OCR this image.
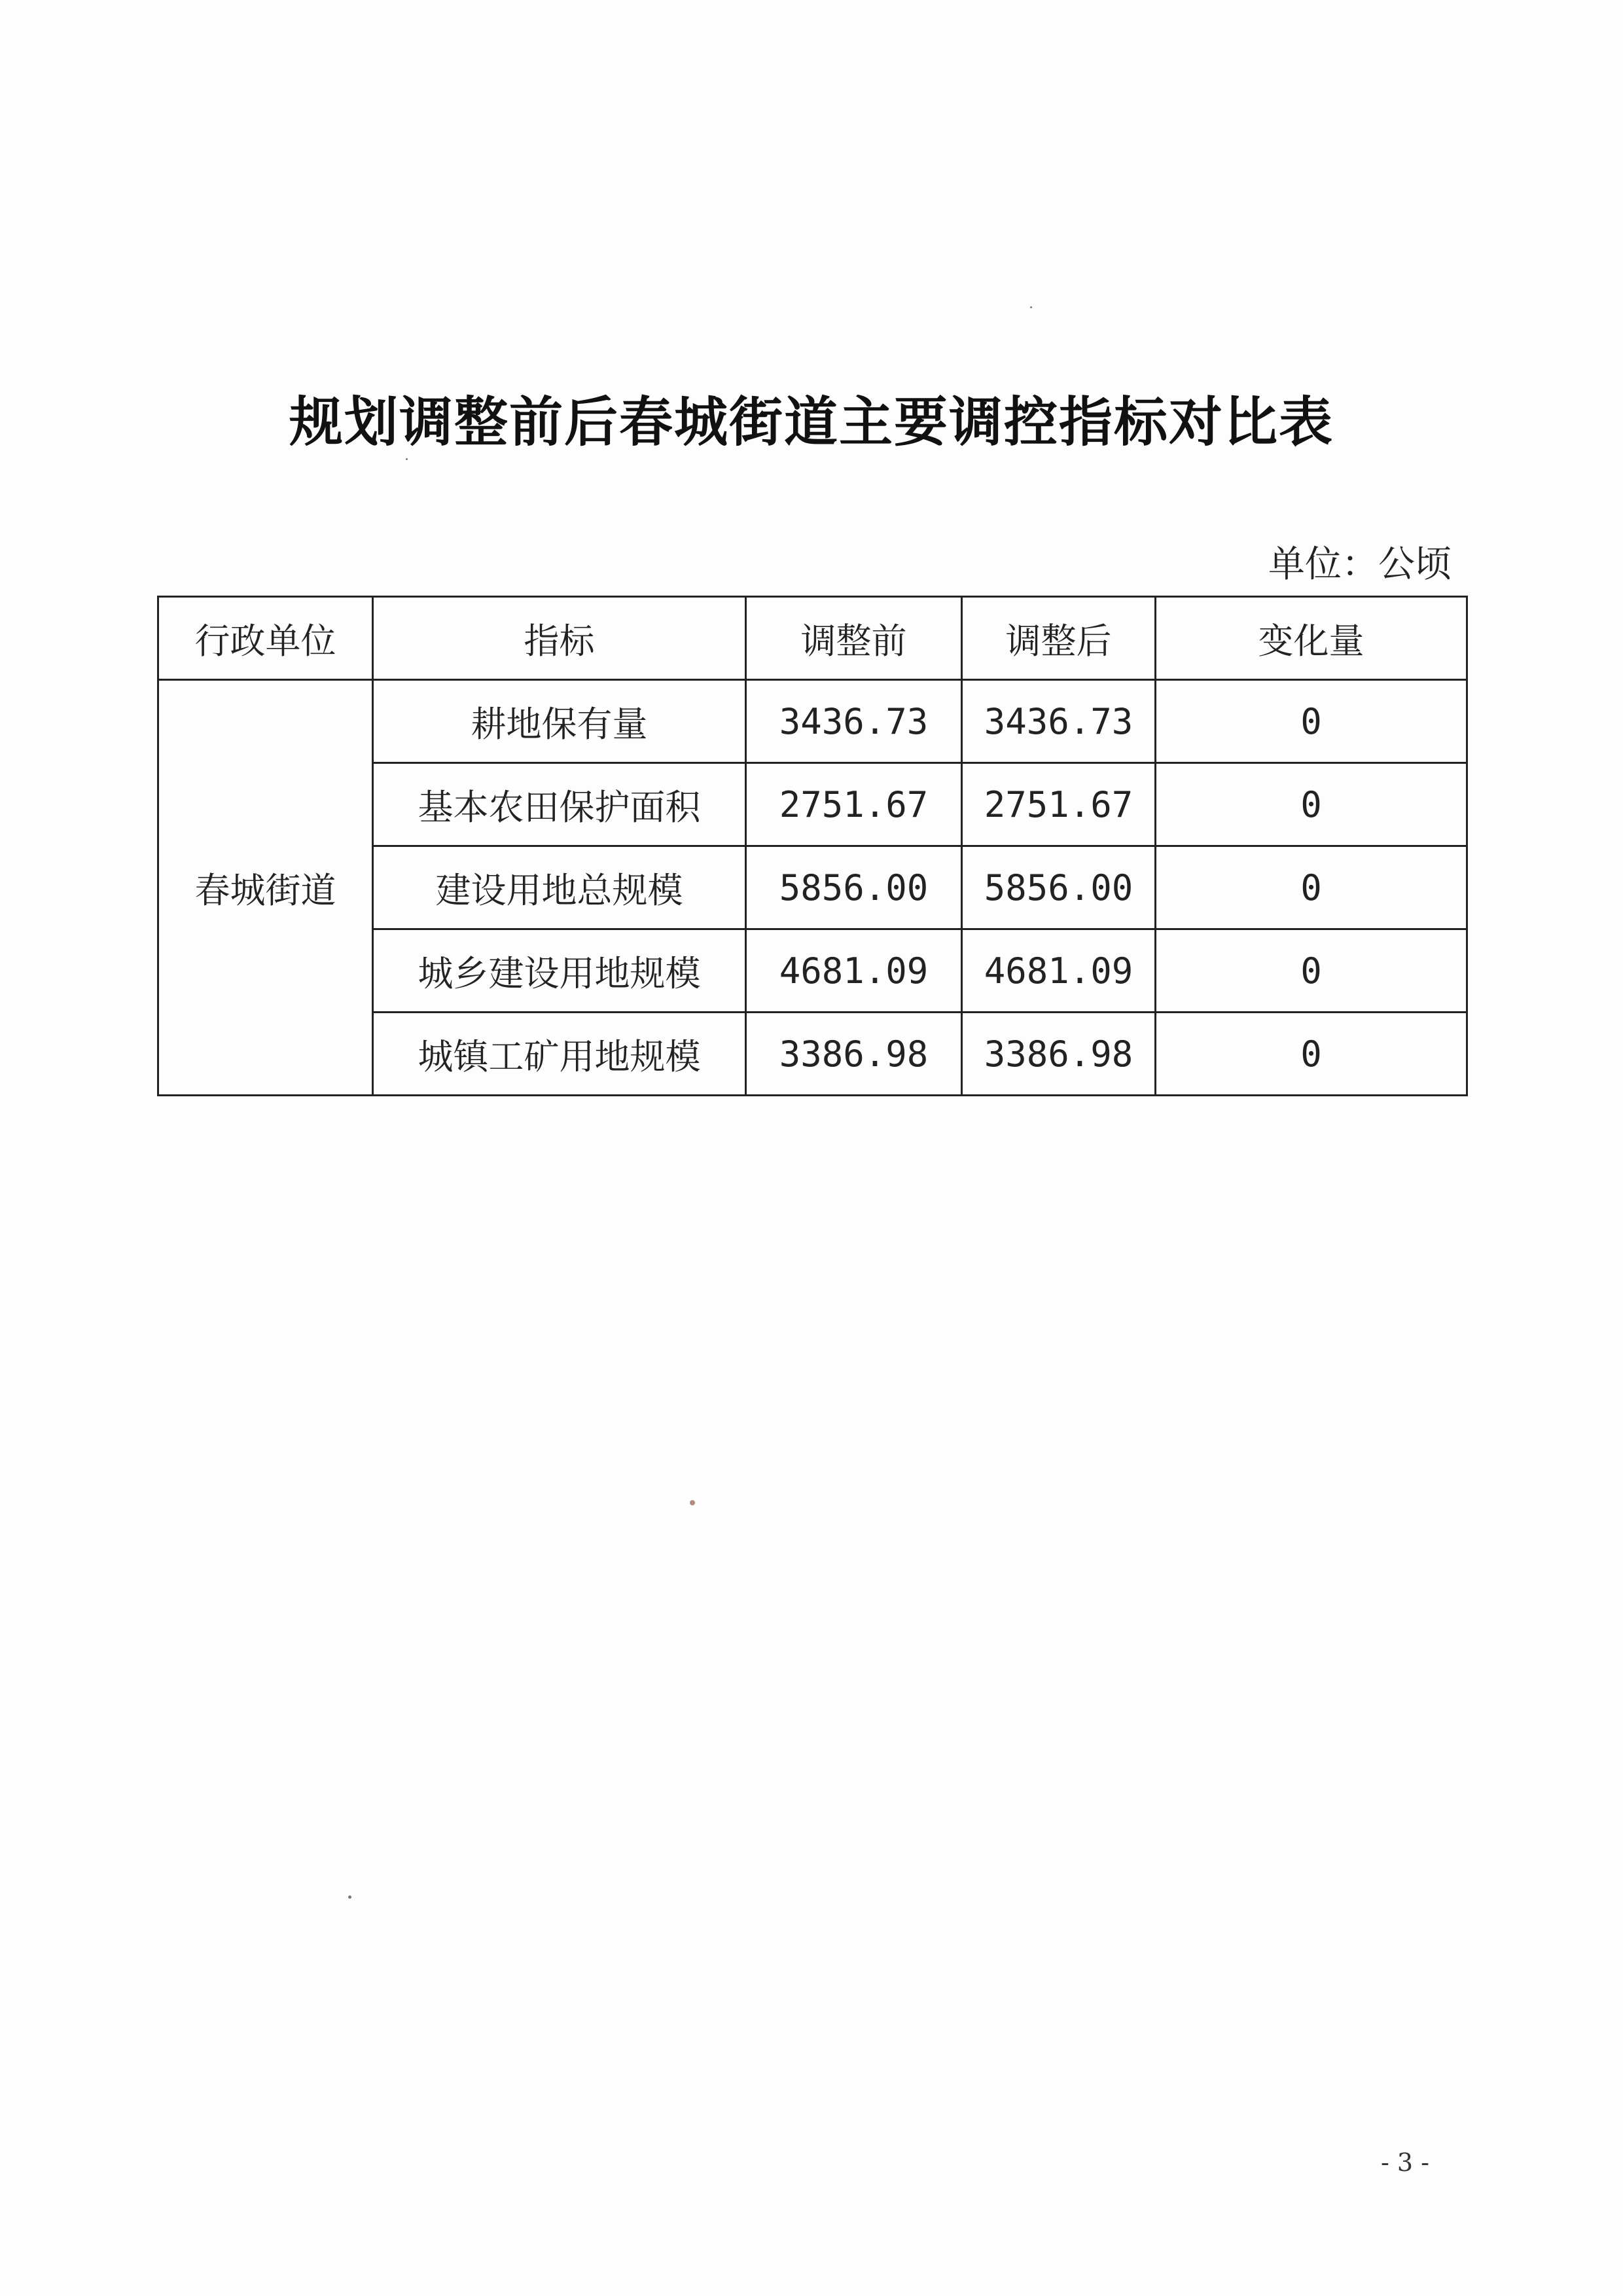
规划调整前后春城街道主要调控指标对比表
单位：公顷
行政单位	指标	调整前	调整后	变化量
春城街道	耕地保有量	3436.73	3436.73	0
	基本农田保护面积	2751.67	2751.67	0
	建设用地总规模	5856.00	5856.00	0
	城乡建设用地规模	4681.09	4681.09	0
	城镇工矿用地规模	3386.98	3386.98	0
- 3 -
